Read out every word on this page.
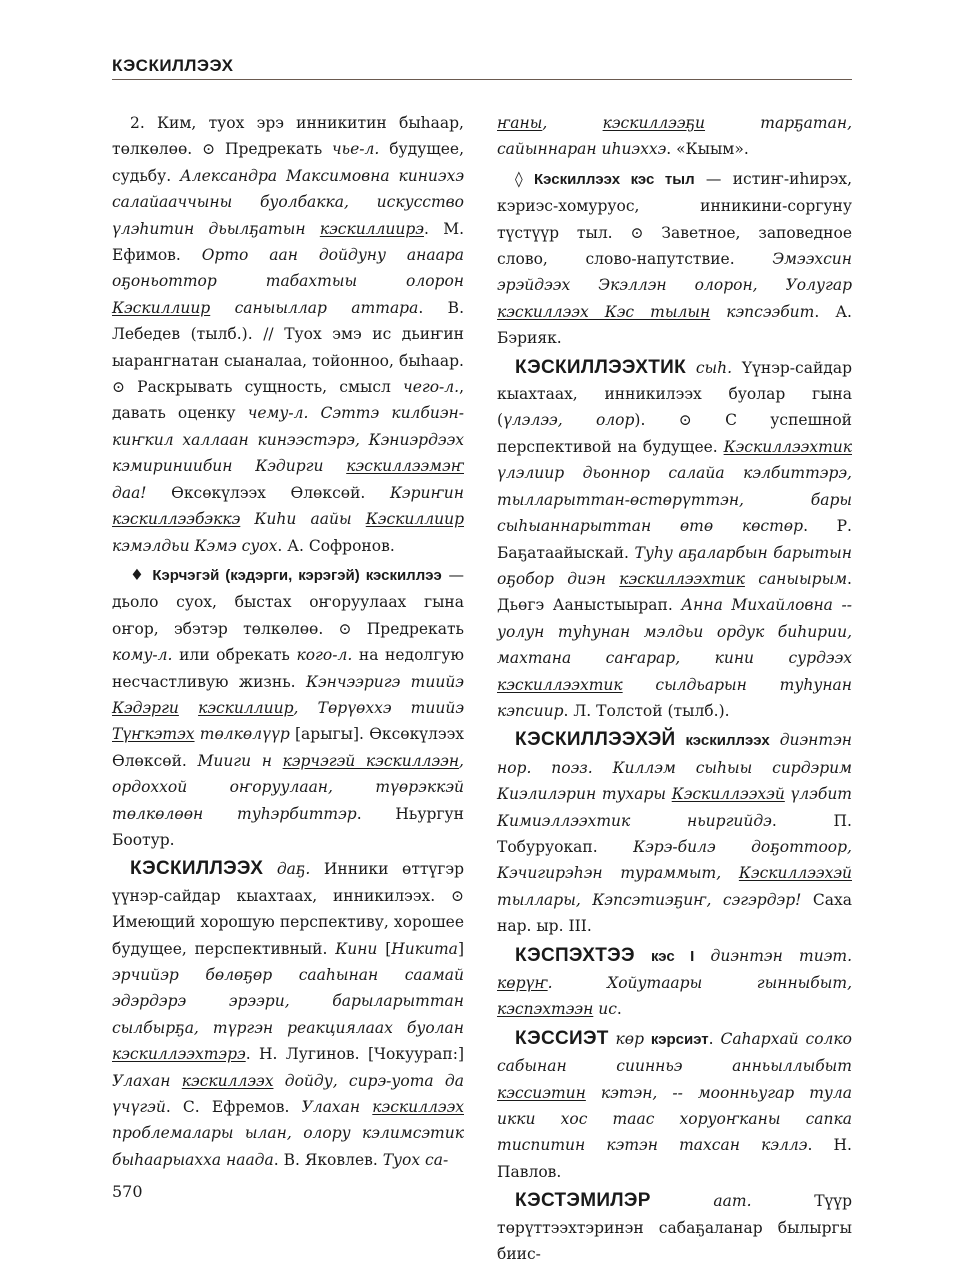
КЭСКИЛЛЭЭХ

2. Ким, туох эрэ инникитин быһаар, төлкөлөө. ⊙ Предрекать чье-л. будущее, судьбу. Александра Максимовна киниэхэ салайааччыны буолбакка, искусство үлэһитин дьылҕатын кэскиллиирэ. М. Ефимов. Орто аан дойдуну анаара оҕоньоттор табахтыы олорон Кэскиллиир саныыллар аттара. В. Лебедев (тылб.). // Туох эмэ ис дьиҥин ыарангнатан сыаналаа, тойонноо, быһаар. ⊙ Раскрывать сущность, смысл чего-л., давать оценку чему-л. Сэттэ килбиэн-киҥкил халлаан кинээстэрэ, Кэниэрдээх кэмириниибин Кэдирги кэскиллээмэҥ даа! Өксөкүлээх Өлөксөй. Кэриҥин кэскиллээбэккэ Киһи аайы Кэскиллиир кэмэлдьи Кэмэ суох. А. Софронов.

♦ Кэрчэгэй (кэдэрги, кэрэгэй) кэскиллээ — дьоло суох, быстах оҥоруулаах гына оҥор, эбэтэр төлкөлөө. ⊙ Предрекать кому-л. или обрекать кого-л. на недолгую несчастливую жизнь. Кэнчээригэ тиийэ Кэдэрги кэскиллиир, Төрүөххэ тиийэ Түҥкэтэх төлкөлүүр [арыгы]. Өксөкүлээх Өлөксөй. Мииги н кэрчэгэй кэскиллээн, ордоххой оҥоруулаан, түөрэккэй төлкөлөөн туһэрбиттэр. Ньургун Боотур.

КЭСКИЛЛЭЭХ даҕ. Инники өттүгэр үүнэр-сайдар кыахтаах, инникилээх. ⊙ Имеющий хорошую перспективу, хорошее будущее, перспективный. Кини [Никита] эрчийэр бөлөҕөр сааһынан саамай эдэрдэрэ эрээри, барыларыттан сылбырҕа, түргэн реакциялаах буолан кэскиллээхтэрэ. Н. Лугинов. [Чокуурап:] Улахан кэскиллээх дойду, сирэ-уота да үчүгэй. С. Ефремов. Улахан кэскиллээх проблемалары ылан, олору кэлимсэтик быһаарыахха наада. В. Яковлев. Туох са-

ҥаны, кэскиллээҕи тарҕатан, сайыннаран иһиэххэ. «Кыым».

◊ Кэскиллээх кэс тыл — истиҥ-иһирэх, кэриэс-хомуруос, инникини-соргуну түстүүр тыл. ⊙ Заветное, заповедное слово, слово-напутствие. Эмээхсин эрэйдээх Экэллэн олорон, Уолугар кэскиллээх Кэс тылын кэпсээбит. А. Бэрияк.

КЭСКИЛЛЭЭХТИК сыһ. Үүнэр-сайдар кыахтаах, инникилээх буолар гына (үлэлээ, олор). ⊙ С успешной перспективой на будущее. Кэскиллээхтик үлэлиир дьоннор салайа кэлбиттэрэ, тылларыттан-өстөрүттэн, бары сыһыаннарыттан өтө көстөр. Р. Баҕатаайыскай. Туһу аҕаларбын барытын оҕобор диэн кэскиллээхтик саныырым. Дьөгэ Ааныстыырап. Анна Михайловна -- уолун туһунан мэлдьи ордук биһирии, махтана саҥарар, кини сурдээх кэскиллээхтик сылдьарын туһунан кэпсиир. Л. Толстой (тылб.).

КЭСКИЛЛЭЭХЭЙ кэскиллээх диэнтэн нор. поэз. Киллэм сыһыы сирдэрим Киэлилэрин тухары Кэскиллээхэй үлэбит Кимиэллээхтик ньиргийдэ. П. Тобуруокап. Кэрэ-билэ доҕоттоор, Кэчигирэһэн тураммыт, Кэскиллээхэй тыллары, Кэпсэтиэҕиҥ, сэгэрдэр! Саха нар. ыр. III.

КЭСПЭХТЭЭ кэс I диэнтэн тиэт. көрүҥ. Хойутаары гынныбыт, кэспэхтээн ис.

КЭССИЭТ көр кэрсиэт. Саһархай солко сабынан сиинньэ анньыллыбыт кэссиэтин кэтэн, -- моонньугар тула икки хос таас хоруоҥканы сапка тиспитин кэтэн тахсан кэллэ. Н. Павлов.

КЭСТЭМИЛЭР	аат. Түүр төрүттээхтэринэн сабаҕаланар былыргы биис-

570
